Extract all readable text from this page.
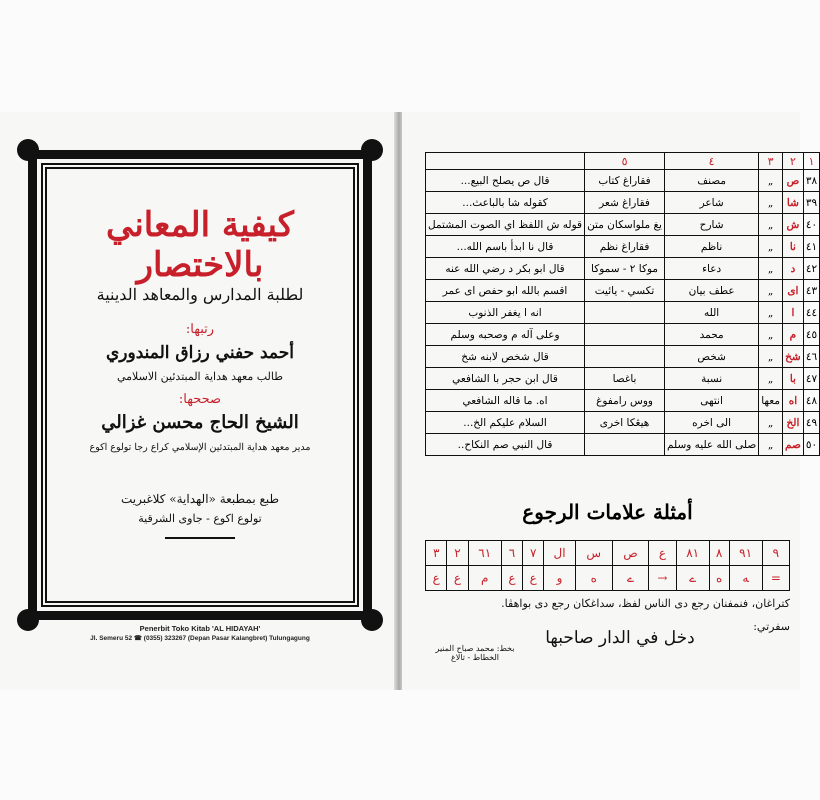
كيفية المعاني بالاختصار
لطلبة المدارس والمعاهد الدينية
رتبها:
أحمد حفني رزاق المندوري
طالب معهد هداية المبتدئين الاسلامي
صححها:
الشيخ الحاج محسن غزالي
مدير معهد هداية المبتدئين الإسلامي كراع رجا تولوع اكوع
طبع بمطبعة «الهداية» كلاغبريت
تولوع اكوع - جاوى الشرقية
Penerbit Toko Kitab 'AL HIDAYAH'
Jl. Semeru 52 ☎ (0355) 323267 (Depan Pasar Kalangbret) Tulungagung
١	٢	٣	٤	٥	
٣٨	ص	„	مصنف	فقاراغ كتاب	قال ص يصلح البيع...
٣٩	شا	„	شاعر	فقاراغ شعر	كقوله شا بالباعث...
٤٠	ش	„	شارح	يغ ملواسكان متن	قوله ش اللفظ اي الصوت المشتمل
٤١	نا	„	ناظم	فقاراغ نظم	قال نا ابدأ باسم الله...
٤٢	د	„	دعاء	موكا ٢ - سموكا	قال ابو بكر د رضي الله عنه
٤٣	اى	„	عطف بيان	تكسي - يائيت	اقسم بالله ابو حفص اى عمر
٤٤	ا	„	الله		انه ا يغفر الذنوب
٤٥	م	„	محمد		وعلى آله م وصحبه وسلم
٤٦	شخ	„	شخص		قال شخص لابنه شخ
٤٧	با	„	نسبة	باغصا	قال ابن حجر با الشافعي
٤٨	اه	معها	انتهى	ووس رامفوغ	اه. ما قاله الشافعي
٤٩	الخ	„	الى اخره	هيڠكا اخرى	السلام عليكم الخ...
٥٠	صم	„	صلى الله عليه وسلم		قال النبي صم النكاح..
أمثلة علامات الرجوع
٩	٩١	٨	٨١	ع	ص	س	ال	٧	٦	٦١	٢	٣
=	ﻪ	ه	ے	→	ے	ه	و	ع	ع	م	ع	ع
كتراغان، فنمفنان رجع دى الناس لفظ، سداغكان رجع دى بواهڤا.
سفرتي:
دخل في الدار صاحبها
بخط: محمد صباح المنير الخطاط - تالاغ
